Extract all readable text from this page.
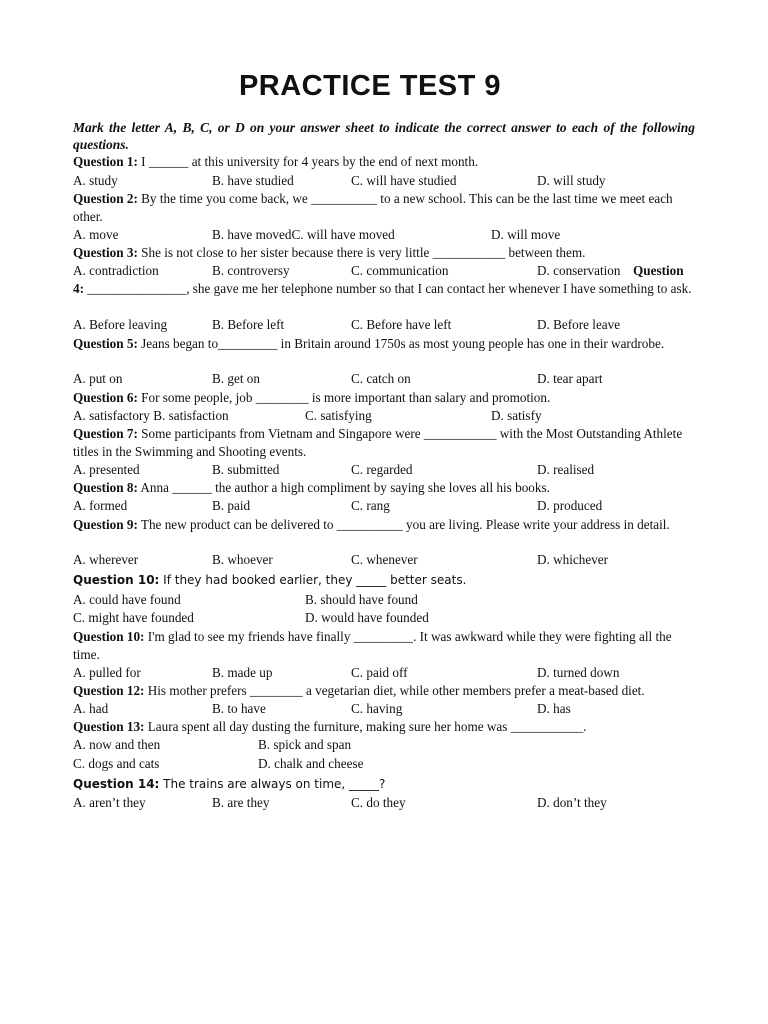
PRACTICE TEST 9
Mark the letter A, B, C, or D on your answer sheet to indicate the correct answer to each of the following questions.
Question 1: I ______ at this university for 4 years by the end of next month.
A. study	B. have studied	C. will have studied	D. will study
Question 2: By the time you come back, we __________ to a new school. This can be the last time we meet each other.
A. move	B. have movedC. will have moved	D. will move
Question 3: She is not close to her sister because there is very little ___________ between them.
A. contradiction	B. controversy	C. communication	D. conservation Question
4: _______________, she gave me her telephone number so that I can contact her whenever I have something to ask.
A. Before leaving	B. Before left	C. Before have left	D. Before leave
Question 5: Jeans began to_________ in Britain around 1750s as most young people has one in their wardrobe.
A. put on	B. get on	C. catch on	D. tear apart
Question 6: For some people, job ________ is more important than salary and promotion.
A. satisfactory B. satisfaction	C. satisfying	D. satisfy
Question 7: Some participants from Vietnam and Singapore were ___________ with the Most Outstanding Athlete titles in the Swimming and Shooting events.
A. presented	B. submitted	C. regarded	D. realised
Question 8: Anna ______ the author a high compliment by saying she loves all his books.
A. formed	B. paid	C. rang	D. produced
Question 9: The new product can be delivered to __________ you are living. Please write your address in detail.
A. wherever	B. whoever	C. whenever	D. whichever
Question 10: If they had booked earlier, they _____ better seats.
A. could have found	B. should have found
C. might have founded	D. would have founded
Question 10: I'm glad to see my friends have finally _________. It was awkward while they were fighting all the time.
A. pulled for	B. made up	C. paid off	D. turned down
Question 12: His mother prefers ________ a vegetarian diet, while other members prefer a meat-based diet.
A. had	B. to have	C. having	D. has
Question 13: Laura spent all day dusting the furniture, making sure her home was ___________.
A. now and then	B. spick and span
C. dogs and cats	D. chalk and cheese
Question 14: The trains are always on time, _____?
A. aren’t they	B. are they	C. do they	D. don’t they
